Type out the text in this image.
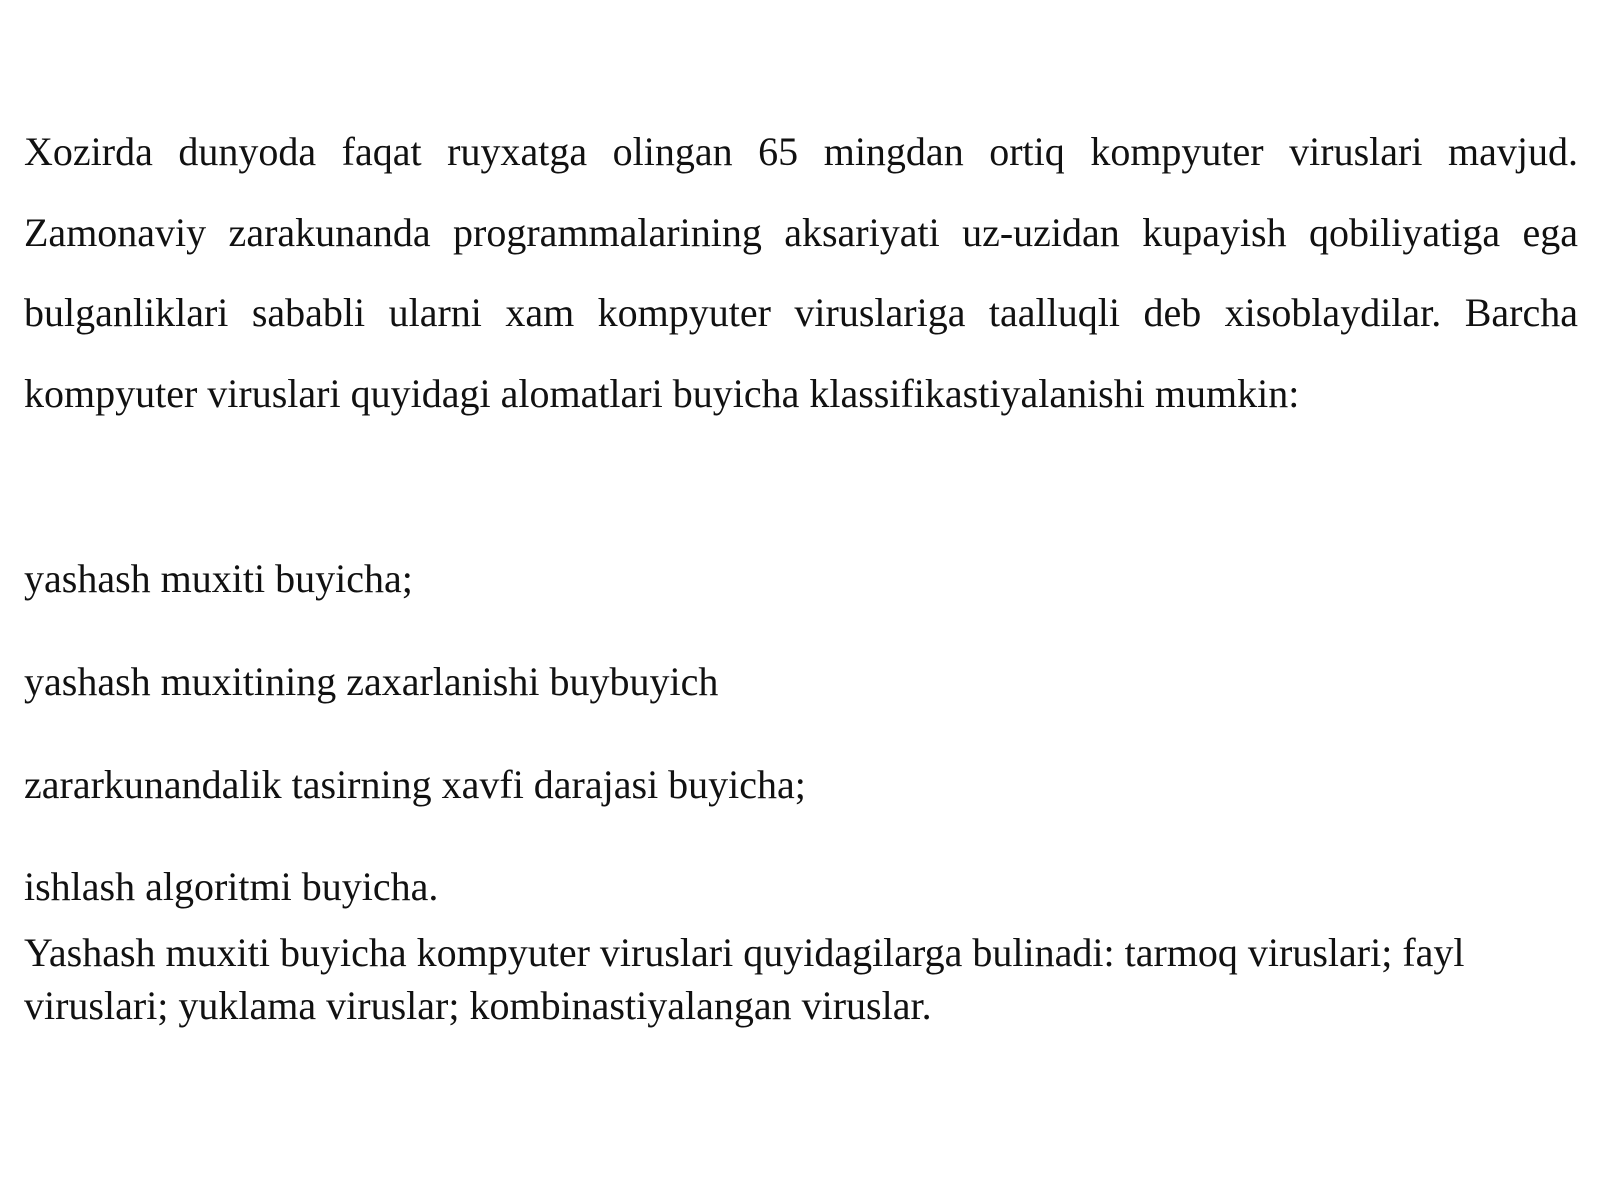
Xozirda dunyoda faqat ruyxatga olingan 65 mingdan ortiq kompyuter viruslari mavjud. Zamonaviy zarakunanda programmalarining aksariyati uz-uzidan kupayish qobiliyatiga ega bulganliklari sababli ularni xam kompyuter viruslariga taalluqli deb xisoblaydilar. Barcha kompyuter viruslari quyidagi alomatlari buyicha klassifikastiyalanishi mumkin:

yashash muxiti buyicha;

yashash muxitining zaxarlanishi buybuyich

zararkunandalik tasirning xavfi darajasi buyicha;

ishlash algoritmi buyicha.

Yashash muxiti buyicha kompyuter viruslari quyidagilarga bulinadi: tarmoq viruslari; fayl viruslari; yuklama viruslar; kombinastiyalangan viruslar.
